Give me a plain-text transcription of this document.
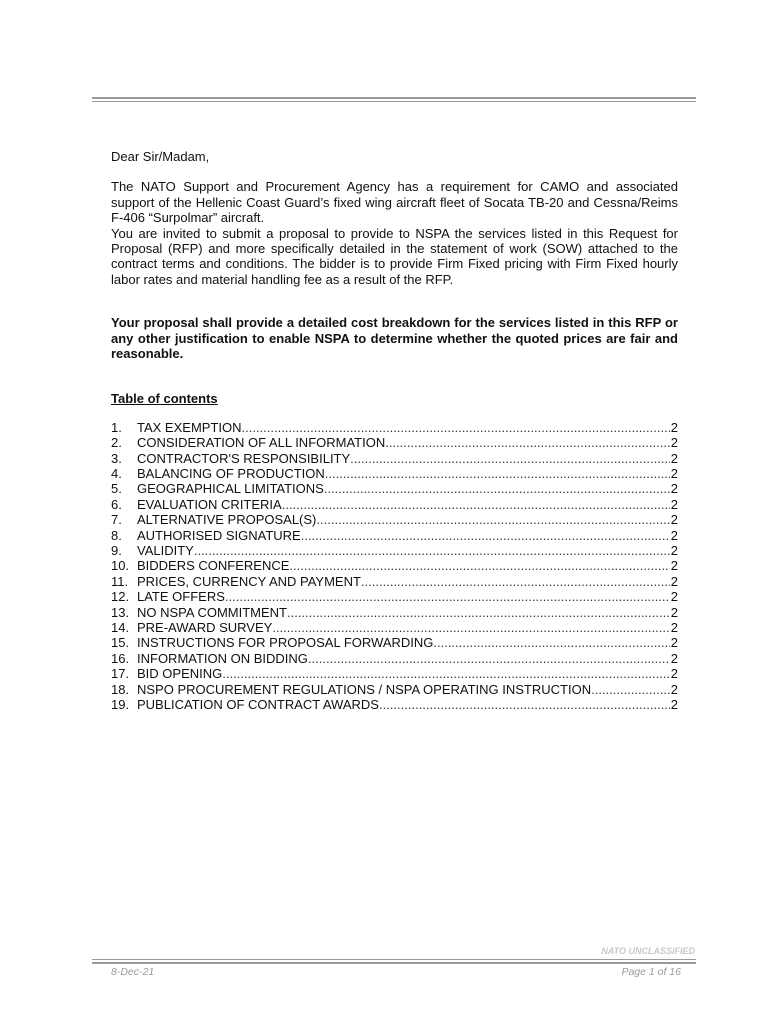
Dear Sir/Madam,

The NATO Support and Procurement Agency has a requirement for CAMO and associated support of the Hellenic Coast Guard’s fixed wing aircraft fleet of Socata TB-20 and Cessna/Reims F-406 “Surpolmar” aircraft.

You are invited to submit a proposal to provide to NSPA the services listed in this Request for Proposal (RFP) and more specifically detailed in the statement of work (SOW) attached to the contract terms and conditions. The bidder is to provide Firm Fixed pricing with Firm Fixed hourly labor rates and material handling fee as a result of the RFP.

Your proposal shall provide a detailed cost breakdown for the services listed in this RFP or any other justification to enable NSPA to determine whether the quoted prices are fair and reasonable.

Table of contents
1.	TAX EXEMPTION .....	2
2.	CONSIDERATION OF ALL INFORMATION .....	2
3.	CONTRACTOR'S RESPONSIBILITY .....	2
4.	BALANCING OF PRODUCTION .....	2
5.	GEOGRAPHICAL LIMITATIONS .....	2
6.	EVALUATION CRITERIA .....	2
7.	ALTERNATIVE PROPOSAL(S) .....	2
8.	AUTHORISED SIGNATURE .....	2
9.	VALIDITY .....	2
10. BIDDERS CONFERENCE .....	2
11. PRICES, CURRENCY AND PAYMENT .....	2
12. LATE OFFERS .....	2
13. NO NSPA COMMITMENT .....	2
14. PRE-AWARD SURVEY .....	2
15. INSTRUCTIONS FOR PROPOSAL FORWARDING .....	2
16. INFORMATION ON BIDDING .....	2
17. BID OPENING .....	2
18. NSPO PROCUREMENT REGULATIONS / NSPA OPERATING INSTRUCTION .....	2
19. PUBLICATION OF CONTRACT AWARDS .....	2
NATO UNCLASSIFIED
8-Dec-21	Page 1 of 16
